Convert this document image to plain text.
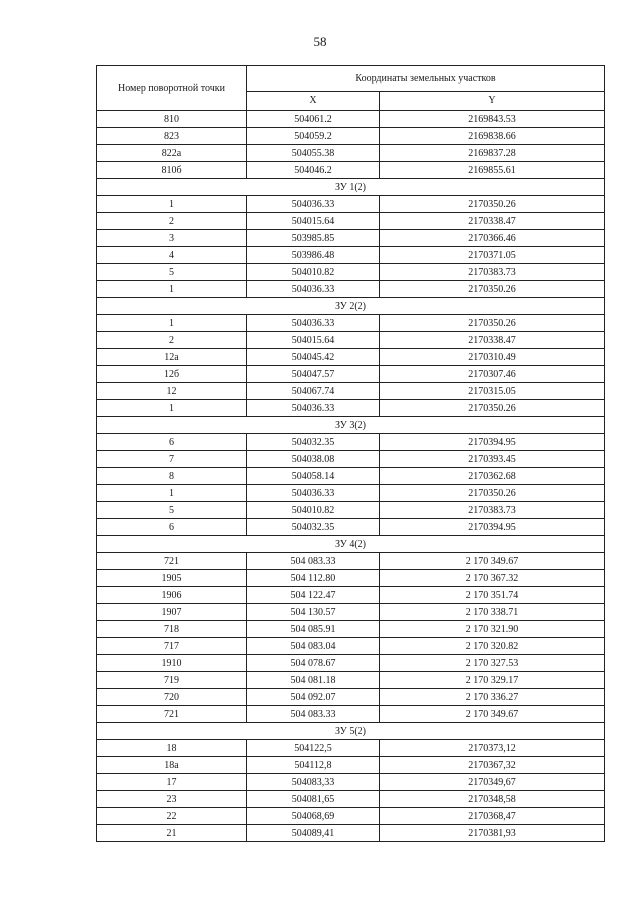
58
Номер поворотной точки	Координаты земельных участков	
	X	Y
810	504061.2	2169843.53
823	504059.2	2169838.66
822а	504055.38	2169837.28
810б	504046.2	2169855.61
ЗУ 1(2)		
1	504036.33	2170350.26
2	504015.64	2170338.47
3	503985.85	2170366.46
4	503986.48	2170371.05
5	504010.82	2170383.73
1	504036.33	2170350.26
ЗУ 2(2)		
1	504036.33	2170350.26
2	504015.64	2170338.47
12а	504045.42	2170310.49
12б	504047.57	2170307.46
12	504067.74	2170315.05
1	504036.33	2170350.26
ЗУ 3(2)		
6	504032.35	2170394.95
7	504038.08	2170393.45
8	504058.14	2170362.68
1	504036.33	2170350.26
5	504010.82	2170383.73
6	504032.35	2170394.95
ЗУ 4(2)		
721	504 083.33	2 170 349.67
1905	504 112.80	2 170 367.32
1906	504 122.47	2 170 351.74
1907	504 130.57	2 170 338.71
718	504 085.91	2 170 321.90
717	504 083.04	2 170 320.82
1910	504 078.67	2 170 327.53
719	504 081.18	2 170 329.17
720	504 092.07	2 170 336.27
721	504 083.33	2 170 349.67
ЗУ 5(2)		
18	504122,5	2170373,12
18а	504112,8	2170367,32
17	504083,33	2170349,67
23	504081,65	2170348,58
22	504068,69	2170368,47
21	504089,41	2170381,93
